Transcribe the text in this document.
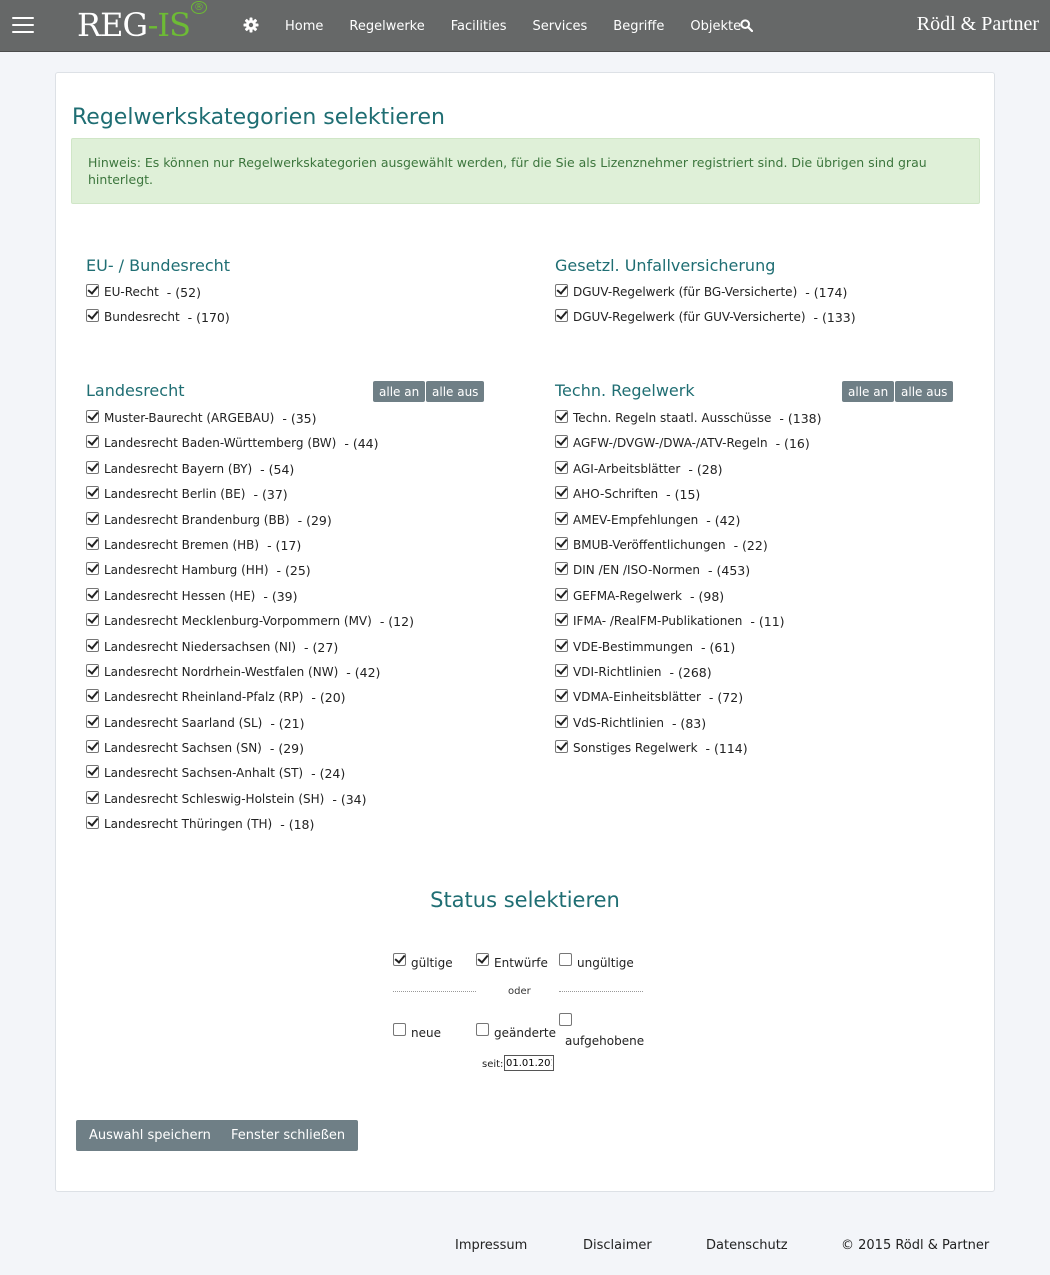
REG-IS ®
Home	Regelwerke	Facilities	Services	Begriffe	Objekte	Rödl & Partner
Regelwerkskategorien selektieren
Hinweis: Es können nur Regelwerkskategorien ausgewählt werden, für die Sie als Lizenznehmer registriert sind. Die übrigen sind grau hinterlegt.
EU- / Bundesrecht
EU-Recht - (52)
Bundesrecht - (170)
Gesetzl. Unfallversicherung
DGUV-Regelwerk (für BG-Versicherte) - (174)
DGUV-Regelwerk (für GUV-Versicherte) - (133)
Landesrecht	alle an	alle aus
Muster-Baurecht (ARGEBAU) - (35)
Landesrecht Baden-Württemberg (BW) - (44)
Landesrecht Bayern (BY) - (54)
Landesrecht Berlin (BE) - (37)
Landesrecht Brandenburg (BB) - (29)
Landesrecht Bremen (HB) - (17)
Landesrecht Hamburg (HH) - (25)
Landesrecht Hessen (HE) - (39)
Landesrecht Mecklenburg-Vorpommern (MV) - (12)
Landesrecht Niedersachsen (NI) - (27)
Landesrecht Nordrhein-Westfalen (NW) - (42)
Landesrecht Rheinland-Pfalz (RP) - (20)
Landesrecht Saarland (SL) - (21)
Landesrecht Sachsen (SN) - (29)
Landesrecht Sachsen-Anhalt (ST) - (24)
Landesrecht Schleswig-Holstein (SH) - (34)
Landesrecht Thüringen (TH) - (18)
Techn. Regelwerk	alle an	alle aus
Techn. Regeln staatl. Ausschüsse - (138)
AGFW-/DVGW-/DWA-/ATV-Regeln - (16)
AGI-Arbeitsblätter - (28)
AHO-Schriften - (15)
AMEV-Empfehlungen - (42)
BMUB-Veröffentlichungen - (22)
DIN /EN /ISO-Normen - (453)
GEFMA-Regelwerk - (98)
IFMA- /RealFM-Publikationen - (11)
VDE-Bestimmungen - (61)
VDI-Richtlinien - (268)
VDMA-Einheitsblätter - (72)
VdS-Richtlinien - (83)
Sonstiges Regelwerk - (114)
Status selektieren
gültige	Entwürfe ungültige
oder
neue	geänderte
aufgehobene
seit:
01.01.2014
Auswahl speichern	Fenster schließen
Impressum	Disclaimer	Datenschutz	© 2015 Rödl & Partner
